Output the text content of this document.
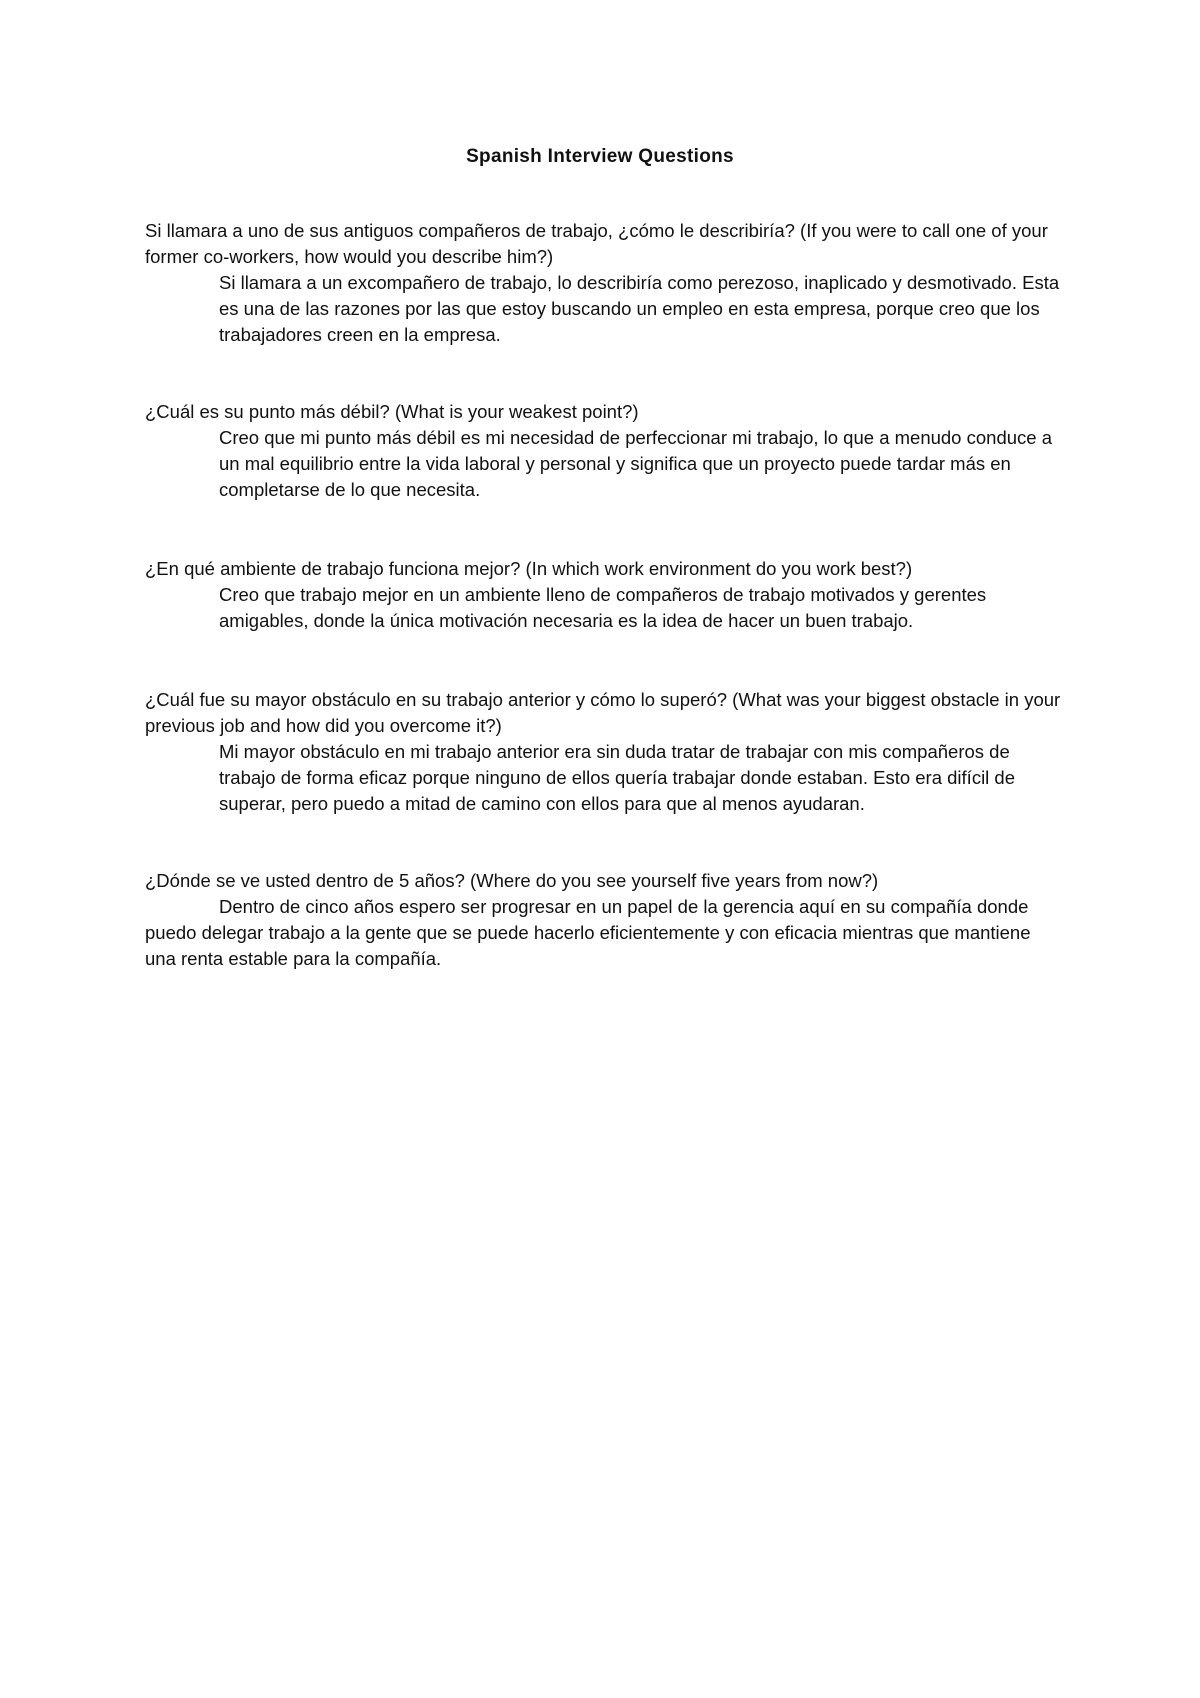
Spanish Interview Questions

Si llamara a uno de sus antiguos compañeros de trabajo, ¿cómo le describiría? (If you were to call one of your former co-workers, how would you describe him?)

Si llamara a un excompañero de trabajo, lo describiría como perezoso, inaplicado y desmotivado. Esta es una de las razones por las que estoy buscando un empleo en esta empresa, porque creo que los trabajadores creen en la empresa.

¿Cuál es su punto más débil? (What is your weakest point?)

Creo que mi punto más débil es mi necesidad de perfeccionar mi trabajo, lo que a menudo conduce a un mal equilibrio entre la vida laboral y personal y significa que un proyecto puede tardar más en completarse de lo que necesita.

¿En qué ambiente de trabajo funciona mejor? (In which work environment do you work best?)

Creo que trabajo mejor en un ambiente lleno de compañeros de trabajo motivados y gerentes amigables, donde la única motivación necesaria es la idea de hacer un buen trabajo.

¿Cuál fue su mayor obstáculo en su trabajo anterior y cómo lo superó? (What was your biggest obstacle in your previous job and how did you overcome it?)

Mi mayor obstáculo en mi trabajo anterior era sin duda tratar de trabajar con mis compañeros de trabajo de forma eficaz porque ninguno de ellos quería trabajar donde estaban. Esto era difícil de superar, pero puedo a mitad de camino con ellos para que al menos ayudaran.

¿Dónde se ve usted dentro de 5 años? (Where do you see yourself five years from now?)

Dentro de cinco años espero ser progresar en un papel de la gerencia aquí en su compañía donde puedo delegar trabajo a la gente que se puede hacerlo eficientemente y con eficacia mientras que mantiene una renta estable para la compañía.
